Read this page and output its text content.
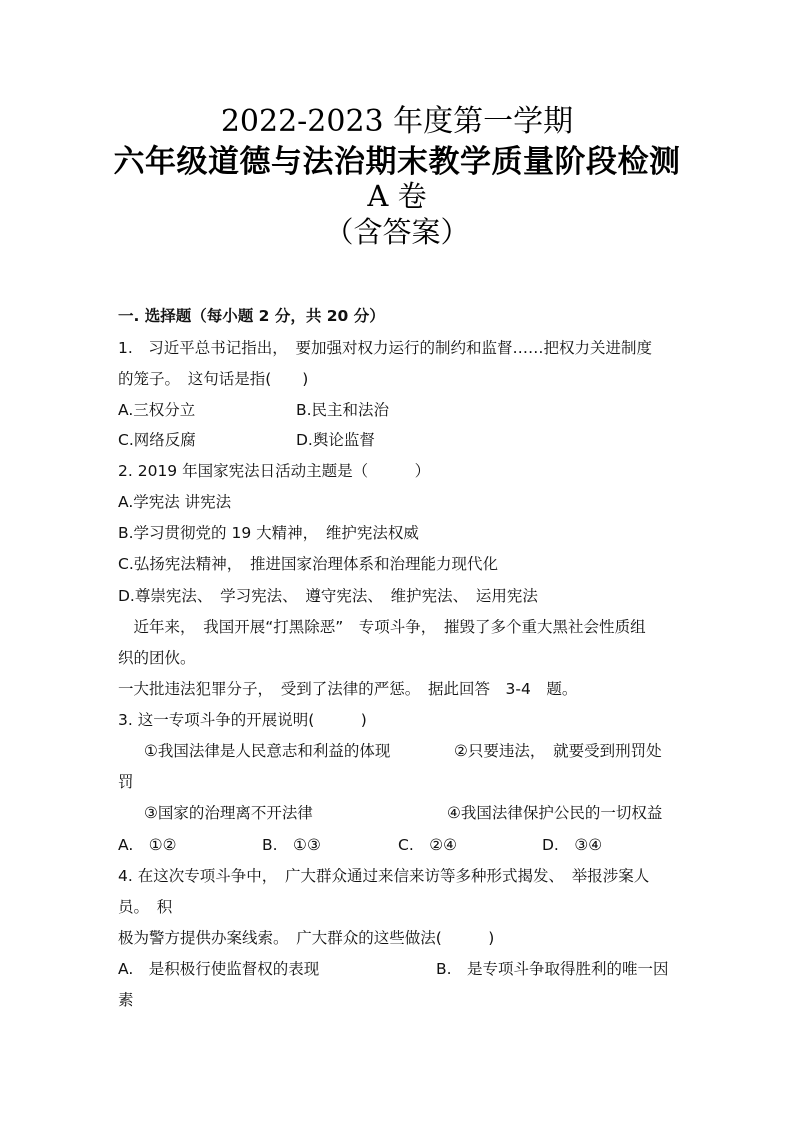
2022-2023 年度第一学期
六年级道德与法治期末教学质量阶段检测
A 卷
（含答案）
一. 选择题（每小题 2 分，共 20 分）
1.　习近平总书记指出，　要加强对权力运行的制约和监督……把权力关进制度
的笼子。　这句话是指(　　)
A.三权分立	B.民主和法治
C.网络反腐	D.舆论监督
2. 2019 年国家宪法日活动主题是（　　　）
A.学宪法 讲宪法
B.学习贯彻党的 19 大精神，　维护宪法权威
C.弘扬宪法精神，　推进国家治理体系和治理能力现代化
D.尊崇宪法、　学习宪法、　遵守宪法、　维护宪法、　运用宪法
　近年来，　我国开展“打黑除恶”　专项斗争，　摧毁了多个重大黑社会性质组
织的团伙。
一大批违法犯罪分子，　受到了法律的严惩。　据此回答　3-4　题。
3. 这一专项斗争的开展说明(　　　)
①我国法律是人民意志和利益的体现	②只要违法，　就要受到刑罚处
罚
③国家的治理离不开法律	④我国法律保护公民的一切权益
A.　①②	B.　①③	C.　②④	D.　③④
4. 在这次专项斗争中，　广大群众通过来信来访等多种形式揭发、　举报涉案人
员。　积
极为警方提供办案线索。　广大群众的这些做法(　　　)
A.　是积极行使监督权的表现	B.　是专项斗争取得胜利的唯一因
素
